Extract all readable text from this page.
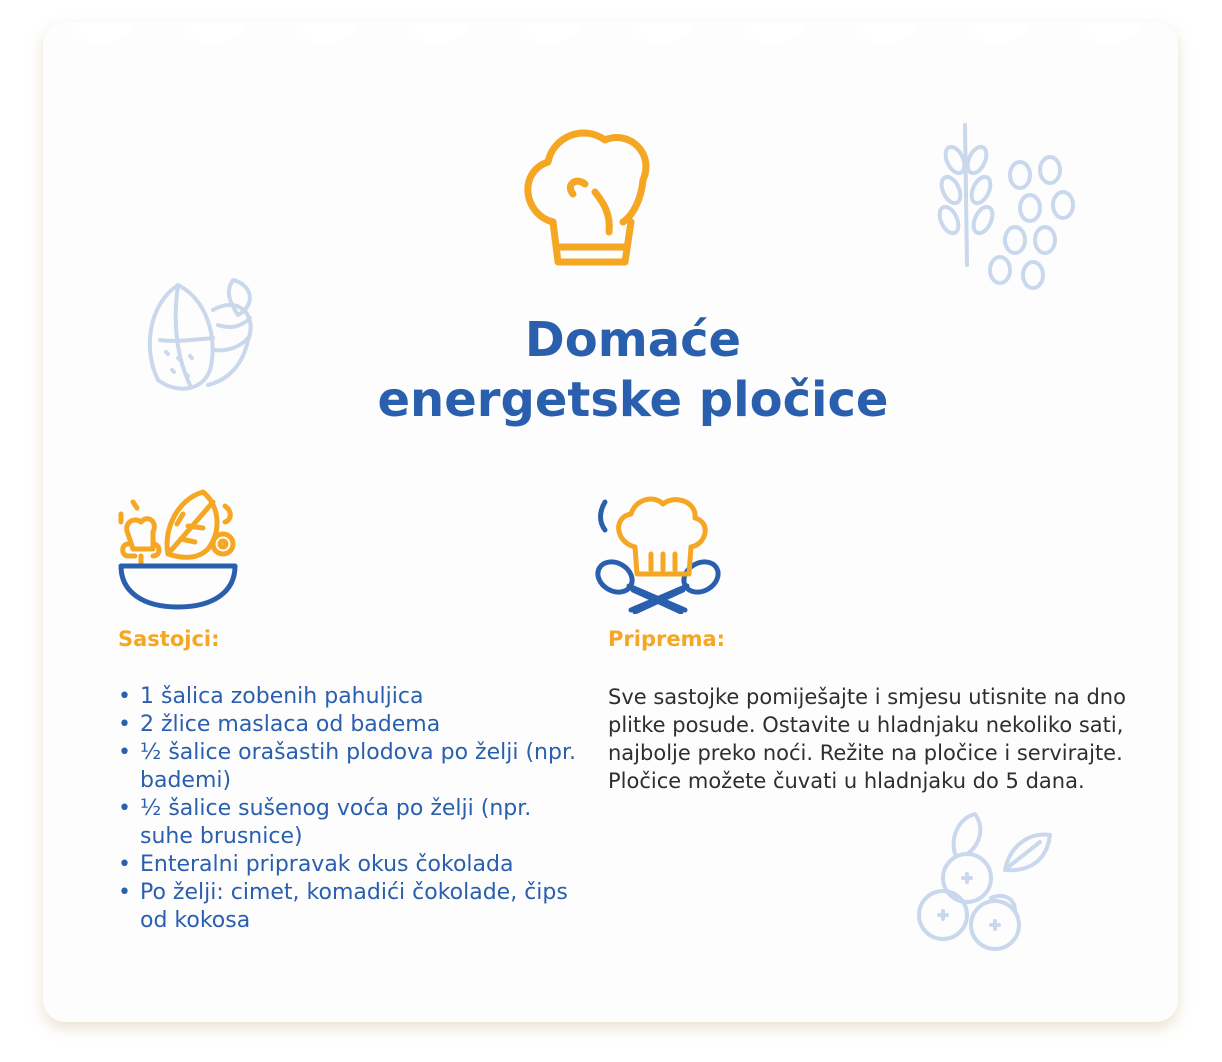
Domaće
energetske pločice
Sastojci:	Priprema:
• 1 šalica zobenih pahuljica
• 2 žlice maslaca od badema
• ½ šalice orašastih plodova po želji (npr. bademi)
• ½ šalice sušenog voća po želji (npr. suhe brusnice)
• Enteralni pripravak okus čokolada
• Po želji: cimet, komadići čokolade, čips od kokosa

Sve sastojke pomiješajte i smjesu utisnite na dno plitke posude. Ostavite u hladnjaku nekoliko sati, najbolje preko noći. Režite na pločice i servirajte. Pločice možete čuvati u hladnjaku do 5 dana.
